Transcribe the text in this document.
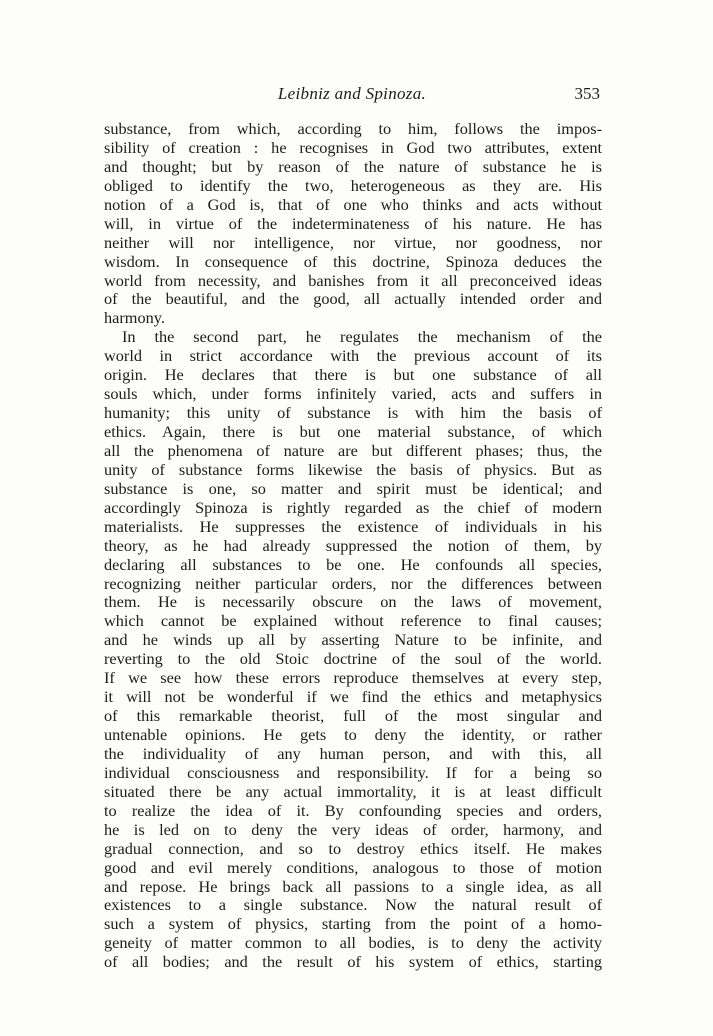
Leibniz and Spinoza.	353
substance, from which, according to him, follows the impos-
sibility of creation : he recognises in God two attributes, extent
and thought; but by reason of the nature of substance he is
obliged to identify the two, heterogeneous as they are. His
notion of a God is, that of one who thinks and acts without
will, in virtue of the indeterminateness of his nature. He has
neither will nor intelligence, nor virtue, nor goodness, nor
wisdom. In consequence of this doctrine, Spinoza deduces the
world from necessity, and banishes from it all preconceived ideas
of the beautiful, and the good, all actually intended order and
harmony.
In the second part, he regulates the mechanism of the
world in strict accordance with the previous account of its
origin. He declares that there is but one substance of all
souls which, under forms infinitely varied, acts and suffers in
humanity; this unity of substance is with him the basis of
ethics. Again, there is but one material substance, of which
all the phenomena of nature are but different phases; thus, the
unity of substance forms likewise the basis of physics. But as
substance is one, so matter and spirit must be identical; and
accordingly Spinoza is rightly regarded as the chief of modern
materialists. He suppresses the existence of individuals in his
theory, as he had already suppressed the notion of them, by
declaring all substances to be one. He confounds all species,
recognizing neither particular orders, nor the differences between
them. He is necessarily obscure on the laws of movement,
which cannot be explained without reference to final causes;
and he winds up all by asserting Nature to be infinite, and
reverting to the old Stoic doctrine of the soul of the world.
If we see how these errors reproduce themselves at every step,
it will not be wonderful if we find the ethics and metaphysics
of this remarkable theorist, full of the most singular and
untenable opinions. He gets to deny the identity, or rather
the individuality of any human person, and with this, all
individual consciousness and responsibility. If for a being so
situated there be any actual immortality, it is at least difficult
to realize the idea of it. By confounding species and orders,
he is led on to deny the very ideas of order, harmony, and
gradual connection, and so to destroy ethics itself. He makes
good and evil merely conditions, analogous to those of motion
and repose. He brings back all passions to a single idea, as all
existences to a single substance. Now the natural result of
such a system of physics, starting from the point of a homo-
geneity of matter common to all bodies, is to deny the activity
of all bodies; and the result of his system of ethics, starting
